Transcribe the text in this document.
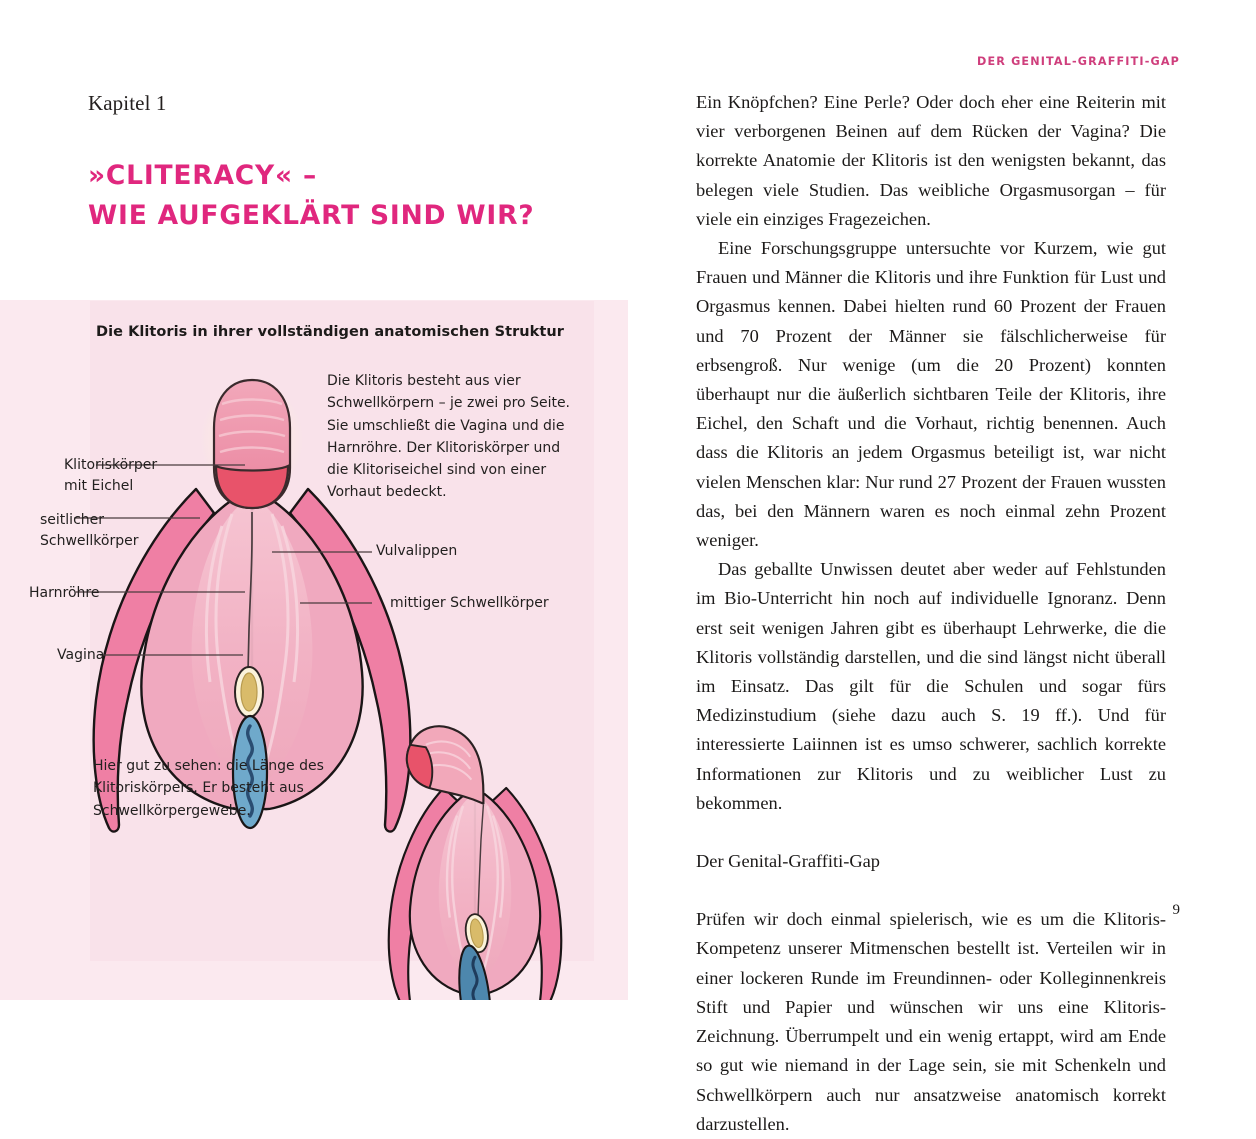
Kapitel 1
»CLITERACY« –
WIE AUFGEKLÄRT SIND WIR?
Die Klitoris in ihrer vollständigen anatomischen Struktur
Die Klitoris besteht aus vier Schwellkörpern – je zwei pro Seite. Sie umschließt die Vagina und die Harnröhre. Der Klitoriskörper und die Klitoriseichel sind von einer Vorhaut bedeckt.
Hier gut zu sehen: die Länge des Klitoriskörpers. Er besteht aus Schwellkörpergewebe.
Klitoriskörper
mit Eichel
seitlicher
Schwellkörper
Harnröhre
Vagina
Vulvalippen
mittiger Schwellkörper
DER GENITAL-GRAFFITI-GAP

Ein Knöpfchen? Eine Perle? Oder doch eher eine Reiterin mit vier verborgenen Beinen auf dem Rücken der Vagina? Die korrekte Anatomie der Klitoris ist den wenigsten bekannt, das belegen viele Studien. Das weibliche Orgasmusorgan – für viele ein einziges Fragezeichen.

Eine Forschungsgruppe untersuchte vor Kurzem, wie gut Frauen und Männer die Klitoris und ihre Funktion für Lust und Orgasmus kennen. Dabei hielten rund 60 Prozent der Frauen und 70 Prozent der Männer sie fälschlicherweise für erbsengroß. Nur wenige (um die 20 Prozent) konnten überhaupt nur die äußerlich sichtbaren Teile der Klitoris, ihre Eichel, den Schaft und die Vorhaut, richtig benennen. Auch dass die Klitoris an jedem Orgasmus beteiligt ist, war nicht vielen Menschen klar: Nur rund 27 Prozent der Frauen wussten das, bei den Männern waren es noch einmal zehn Prozent weniger.

Das geballte Unwissen deutet aber weder auf Fehlstunden im Bio-Unterricht hin noch auf individuelle Ignoranz. Denn erst seit wenigen Jahren gibt es überhaupt Lehrwerke, die die Klitoris vollständig darstellen, und die sind längst nicht überall im Einsatz. Das gilt für die Schulen und sogar fürs Medizinstudium (siehe dazu auch S. 19 ff.). Und für interessierte Laiinnen ist es umso schwerer, sachlich korrekte Informationen zur Klitoris und zu weiblicher Lust zu bekommen.

Der Genital-Graffiti-Gap

Prüfen wir doch einmal spielerisch, wie es um die Klitoris-Kompetenz unserer Mitmenschen bestellt ist. Verteilen wir in einer lockeren Runde im Freundinnen- oder Kolleginnenkreis Stift und Papier und wünschen wir uns eine Klitoris-Zeichnung. Überrumpelt und ein wenig ertappt, wird am Ende so gut wie niemand in der Lage sein, sie mit Schenkeln und Schwellkörpern auch nur ansatzweise anatomisch korrekt darzustellen.

9
